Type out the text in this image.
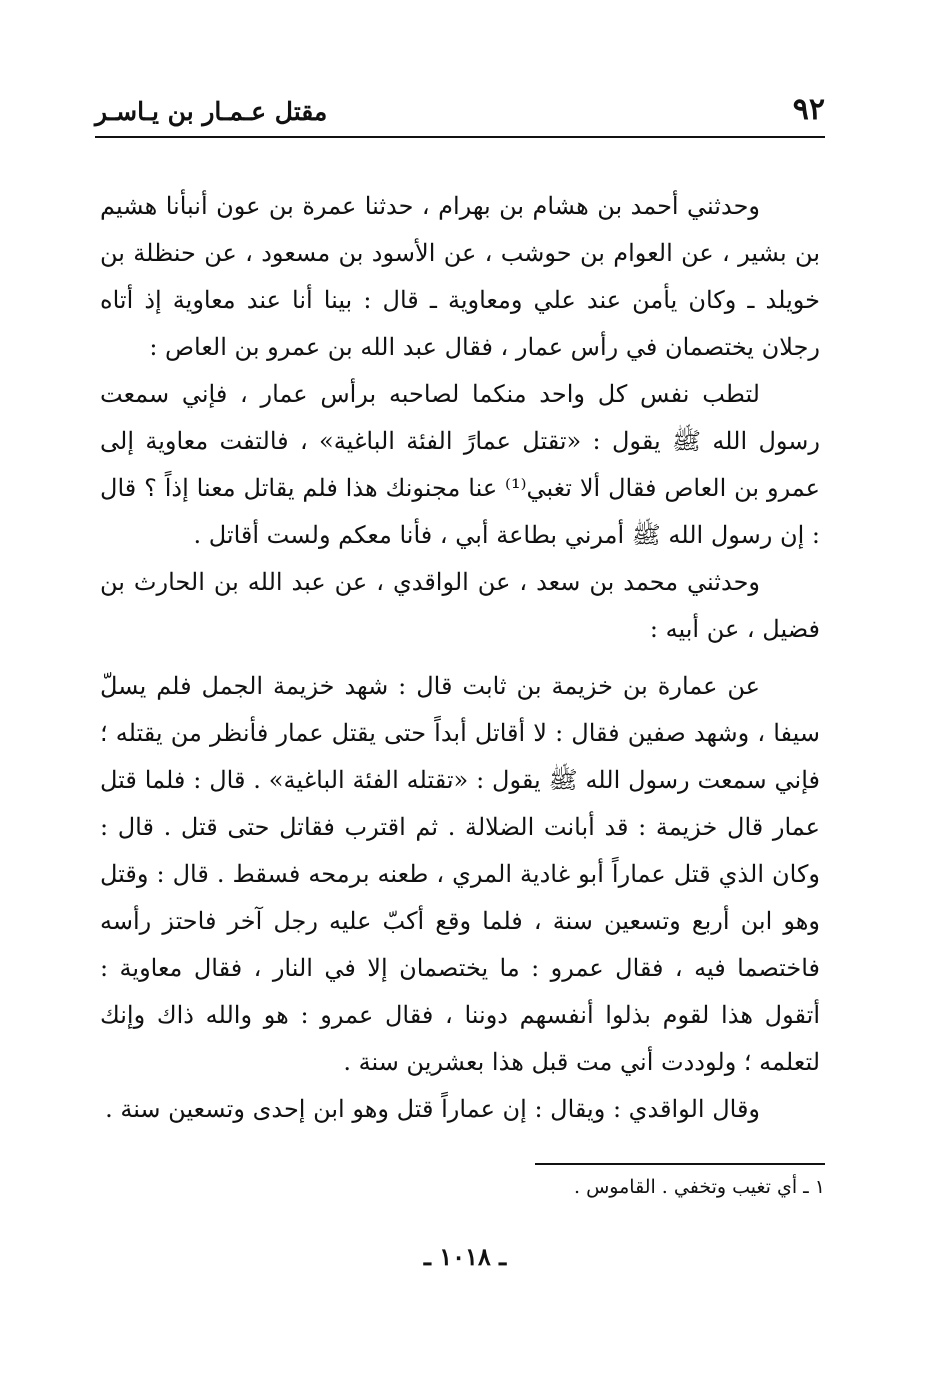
٩٢
مقتل عـمـار بن يـاسـر

وحدثني أحمد بن هشام بن بهرام ، حدثنا عمرة بن عون أنبأنا هشيم بن بشير ، عن العوام بن حوشب ، عن الأسود بن مسعود ، عن حنظلة بن خويلد ـ وكان يأمن عند علي ومعاوية ـ قال : بينا أنا عند معاوية إذ أتاه رجلان يختصمان في رأس عمار ، فقال عبد الله بن عمرو بن العاص :

لتطب نفس كل واحد منكما لصاحبه برأس عمار ، فإني سمعت رسول الله ﷺ يقول : «تقتل عمارً الفئة الباغية» ، فالتفت معاوية إلى عمرو بن العاص فقال ألا تغبي⁽¹⁾ عنا مجنونك هذا فلم يقاتل معنا إذاً ؟ قال : إن رسول الله ﷺ أمرني بطاعة أبي ، فأنا معكم ولست أقاتل .

وحدثني محمد بن سعد ، عن الواقدي ، عن عبد الله بن الحارث بن فضيل ، عن أبيه :

عن عمارة بن خزيمة بن ثابت قال : شهد خزيمة الجمل فلم يسلّ سيفا ، وشهد صفين فقال : لا أقاتل أبداً حتى يقتل عمار فأنظر من يقتله ؛ فإني سمعت رسول الله ﷺ يقول : «تقتله الفئة الباغية» . قال : فلما قتل عمار قال خزيمة : قد أبانت الضلالة . ثم اقترب فقاتل حتى قتل . قال : وكان الذي قتل عماراً أبو غادية المري ، طعنه برمحه فسقط . قال : وقتل وهو ابن أربع وتسعين سنة ، فلما وقع أكبّ عليه رجل آخر فاحتز رأسه فاختصما فيه ، فقال عمرو : ما يختصمان إلا في النار ، فقال معاوية : أتقول هذا لقوم بذلوا أنفسهم دوننا ، فقال عمرو : هو والله ذاك وإنك لتعلمه ؛ ولوددت أني مت قبل هذا بعشرين سنة .

وقال الواقدي : ويقال : إن عماراً قتل وهو ابن إحدى وتسعين سنة .

١ ـ أي تغيب وتخفي . القاموس .
ـ ١٠١٨ ـ
